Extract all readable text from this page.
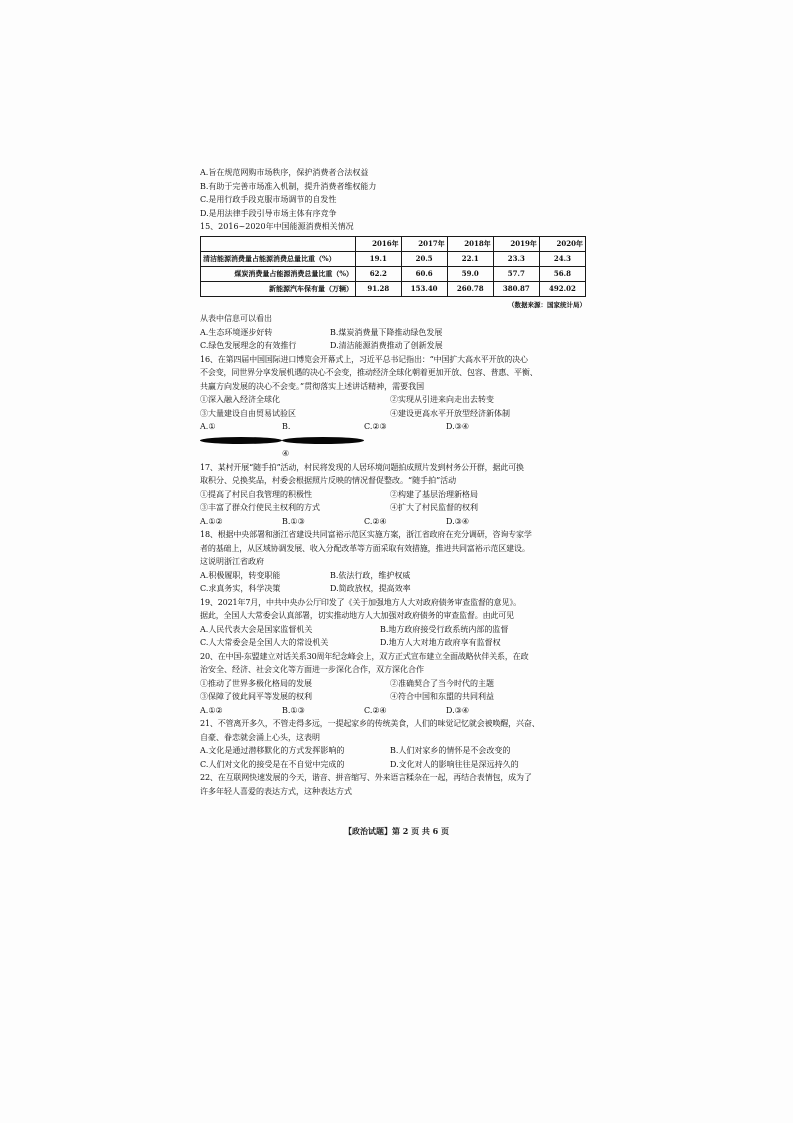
A.旨在规范网购市场秩序，保护消费者合法权益
B.有助于完善市场准入机制，提升消费者维权能力
C.是用行政手段克服市场调节的自发性
D.是用法律手段引导市场主体有序竞争
15、2016~2020年中国能源消费相关情况
	2016年	2017年	2018年	2019年	2020年
清洁能源消费量占能源消费总量比重（%）	19.1	20.5	22.1	23.3	24.3
煤炭消费量占能源消费总量比重（%）	62.2	60.6	59.0	57.7	56.8
新能源汽车保有量（万辆）	91.28	153.40	260.78	380.87	492.02
（数据来源：国家统计局）
从表中信息可以看出
A.生态环境逐步好转	B.煤炭消费量下降推动绿色发展
C.绿色发展理念的有效推行	D.清洁能源消费推动了创新发展
16、在第四届中国国际进口博览会开幕式上，习近平总书记指出：“中国扩大高水平开放的决心
不会变，同世界分享发展机遇的决心不会变，推动经济全球化朝着更加开放、包容、普惠、平衡、
共赢方向发展的决心不会变。”贯彻落实上述讲话精神，需要我国
①深入融入经济全球化	②实现从引进来向走出去转变
③大量建设自由贸易试验区	④建设更高水平开放型经济新体制
A.①	B.④
C.②③	D.③④
17、某村开展“随手拍”活动，村民将发现的人居环境问题拍成照片发到村务公开群，据此可换
取积分、兑换奖品，村委会根据照片反映的情况督促整改。“随手拍”活动
①提高了村民自我管理的积极性	②构建了基层治理新格局
③丰富了群众行使民主权利的方式	④扩大了村民监督的权利
A.①②	B.①③	C.②④	D.③④
18、根据中央部署和浙江省建设共同富裕示范区实施方案，浙江省政府在充分调研，咨询专家学
者的基础上，从区域协调发展、收入分配改革等方面采取有效措施，推进共同富裕示范区建设。
这说明浙江省政府
A.积极履职，转变职能	B.依法行政，维护权威
C.求真务实，科学决策	D.简政放权，提高效率
19、2021年7月，中共中央办公厅印发了《关于加强地方人大对政府债务审查监督的意见》。
据此，全国人大常委会认真部署，切实推动地方人大加强对政府债务的审查监督。由此可见
A.人民代表大会是国家监督机关	B.地方政府接受行政系统内部的监督
C.人大常委会是全国人大的常设机关	D.地方人大对地方政府享有监督权
20、在中国-东盟建立对话关系30周年纪念峰会上，双方正式宣布建立全面战略伙伴关系，在政
治安全、经济、社会文化等方面进一步深化合作，双方深化合作
①推动了世界多极化格局的发展	②准确契合了当今时代的主题
③保障了彼此间平等发展的权利	④符合中国和东盟的共同利益
A.①②	B.①③	C.②④	D.③④
21、不管离开多久，不管走得多远，一提起家乡的传统美食，人们的味觉记忆就会被唤醒，兴奋、
自豪、眷恋就会涌上心头，这表明
A.文化是通过潜移默化的方式发挥影响的	B.人们对家乡的情怀是不会改变的
C.人们对文化的接受是在不自觉中完成的	D.文化对人的影响往往是深远持久的
22、在互联网快速发展的今天，谐音、拼音缩写、外来语言糅杂在一起，再结合表情包，成为了
许多年轻人喜爱的表达方式，这种表达方式
【政治试题】第 2 页 共 6 页
